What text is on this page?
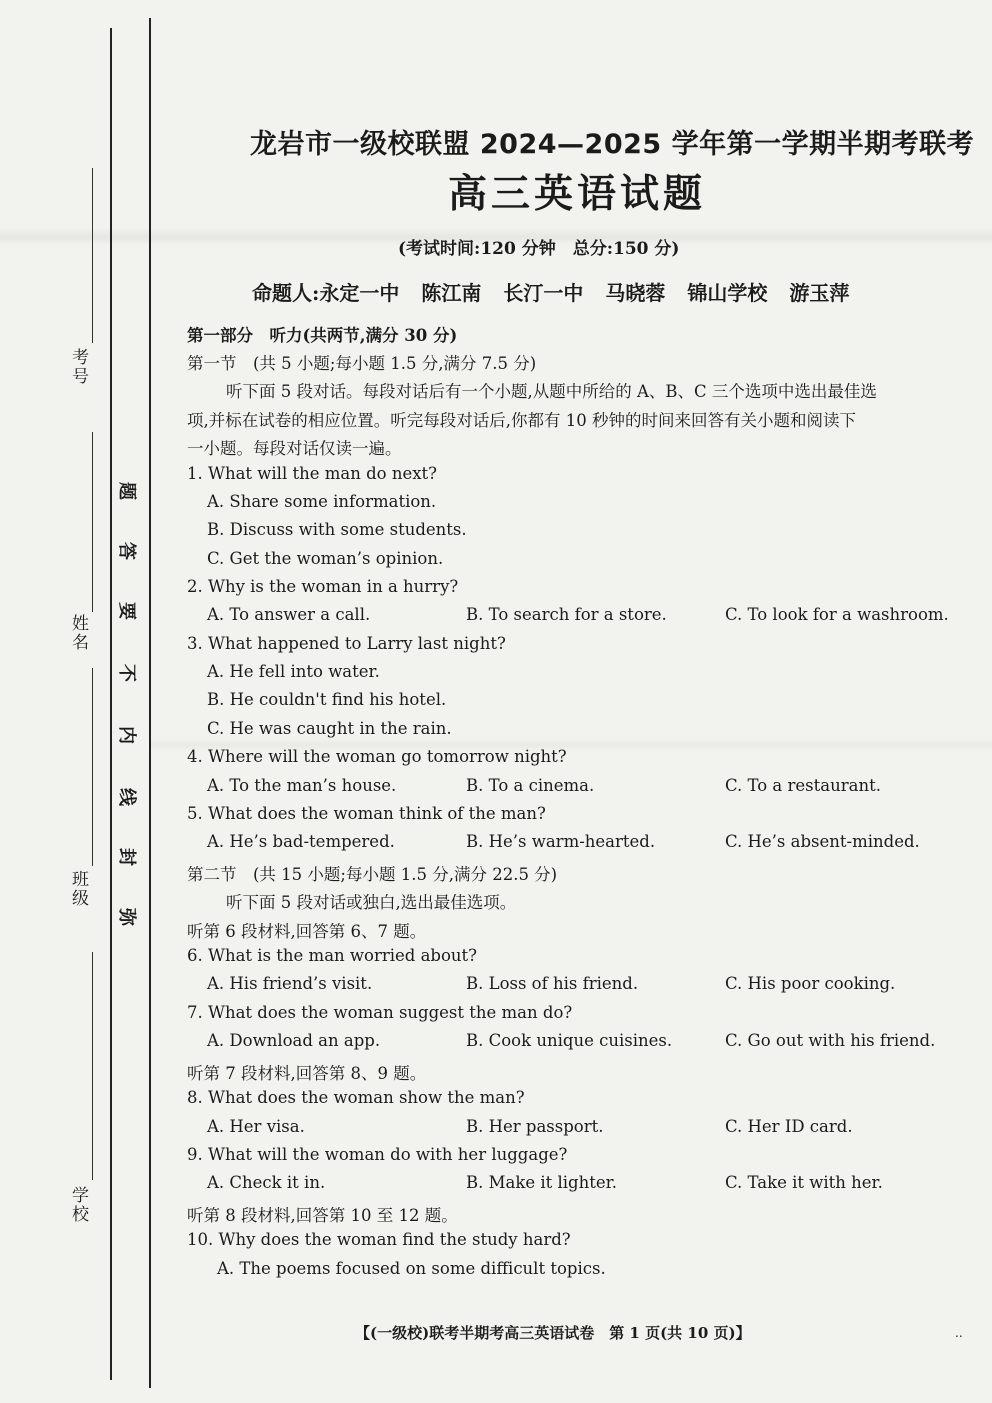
考号
姓名
班级
学校
题
答
要
不
内
线
封
弥
龙岩市一级校联盟 2024—2025 学年第一学期半期考联考
高三英语试题
(考试时间:120 分钟　总分:150 分)
命题人:永定一中 陈江南 长汀一中 马晓蓉 锦山学校 游玉萍
第一部分　听力(共两节,满分 30 分)
第一节　(共 5 小题;每小题 1.5 分,满分 7.5 分)
听下面 5 段对话。每段对话后有一个小题,从题中所给的 A、B、C 三个选项中选出最佳选
项,并标在试卷的相应位置。听完每段对话后,你都有 10 秒钟的时间来回答有关小题和阅读下
一小题。每段对话仅读一遍。
1. What will the man do next?
A. Share some information.
B. Discuss with some students.
C. Get the woman’s opinion.
2. Why is the woman in a hurry?
A. To answer a call.	B. To search for a store.	C. To look for a washroom.
3. What happened to Larry last night?
A. He fell into water.
B. He couldn't find his hotel.
C. He was caught in the rain.
4. Where will the woman go tomorrow night?
A. To the man’s house.	B. To a cinema.	C. To a restaurant.
5. What does the woman think of the man?
A. He’s bad-tempered.	B. He’s warm-hearted.	C. He’s absent-minded.
第二节　(共 15 小题;每小题 1.5 分,满分 22.5 分)
听下面 5 段对话或独白,选出最佳选项。
听第 6 段材料,回答第 6、7 题。
6. What is the man worried about?
A. His friend’s visit.	B. Loss of his friend.	C. His poor cooking.
7. What does the woman suggest the man do?
A. Download an app.	B. Cook unique cuisines.	C. Go out with his friend.
听第 7 段材料,回答第 8、9 题。
8. What does the woman show the man?
A. Her visa.	B. Her passport.	C. Her ID card.
9. What will the woman do with her luggage?
A. Check it in.	B. Make it lighter.	C. Take it with her.
听第 8 段材料,回答第 10 至 12 题。
10. Why does the woman find the study hard?
A. The poems focused on some difficult topics.
【(一级校)联考半期考高三英语试卷　第 1 页(共 10 页)】	..
